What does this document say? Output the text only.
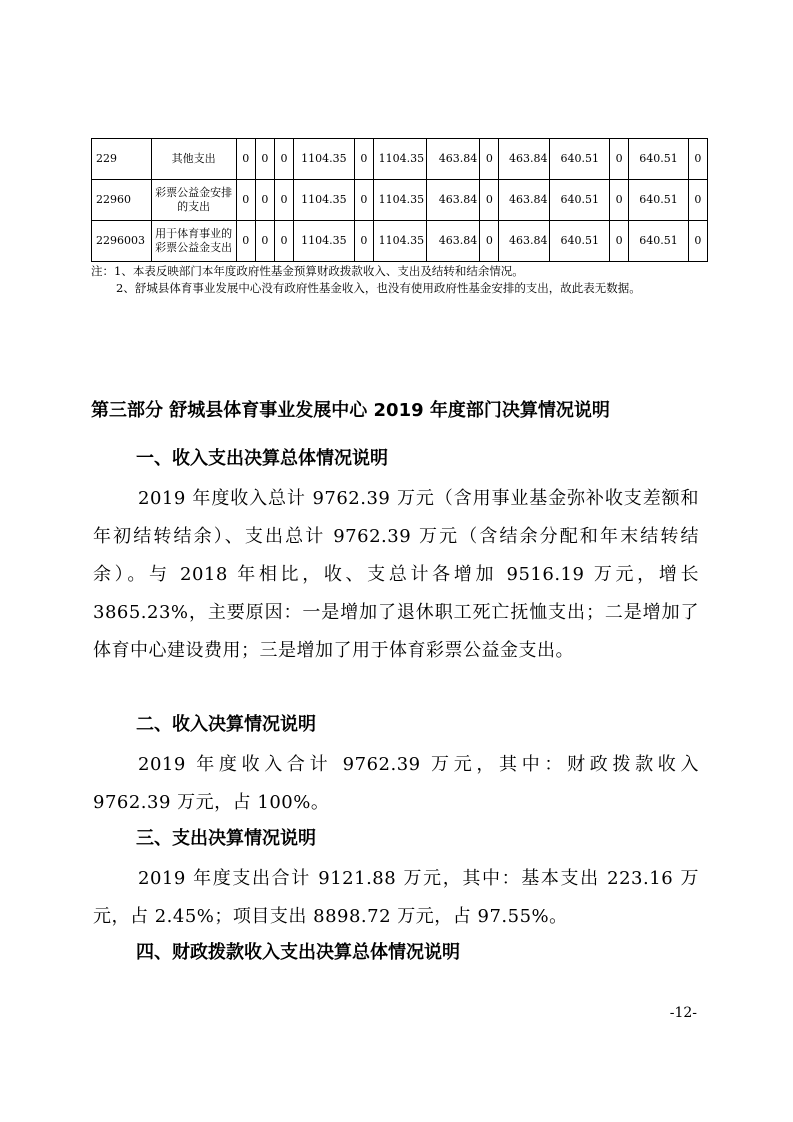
229	其他支出	0	0	0	1104.35	0	1104.35	463.84	0	463.84	640.51	0	640.51	0
22960	彩票公益金安排的支出	0	0	0	1104.35	0	1104.35	463.84	0	463.84	640.51	0	640.51	0
2296003	用于体育事业的彩票公益金支出	0	0	0	1104.35	0	1104.35	463.84	0	463.84	640.51	0	640.51	0

注：1、本表反映部门本年度政府性基金预算财政拨款收入、支出及结转和结余情况。

2、舒城县体育事业发展中心没有政府性基金收入，也没有使用政府性基金安排的支出，故此表无数据。

第三部分 舒城县体育事业发展中心 2019 年度部门决算情况说明
一、收入支出决算总体情况说明

2019 年度收入总计 9762.39 万元（含用事业基金弥补收支差额和年初结转结余）、支出总计 9762.39 万元（含结余分配和年末结转结余）。与 2018 年相比，收、支总计各增加 9516.19 万元，增长 3865.23%，主要原因：一是增加了退休职工死亡抚恤支出；二是增加了体育中心建设费用；三是增加了用于体育彩票公益金支出。

二、收入决算情况说明

2019 年度收入合计 9762.39 万元，其中：财政拨款收入 9762.39 万元，占 100%。

三、支出决算情况说明

2019 年度支出合计 9121.88 万元，其中：基本支出 223.16 万元，占 2.45%；项目支出 8898.72 万元，占 97.55%。

四、财政拨款收入支出决算总体情况说明
-12-
